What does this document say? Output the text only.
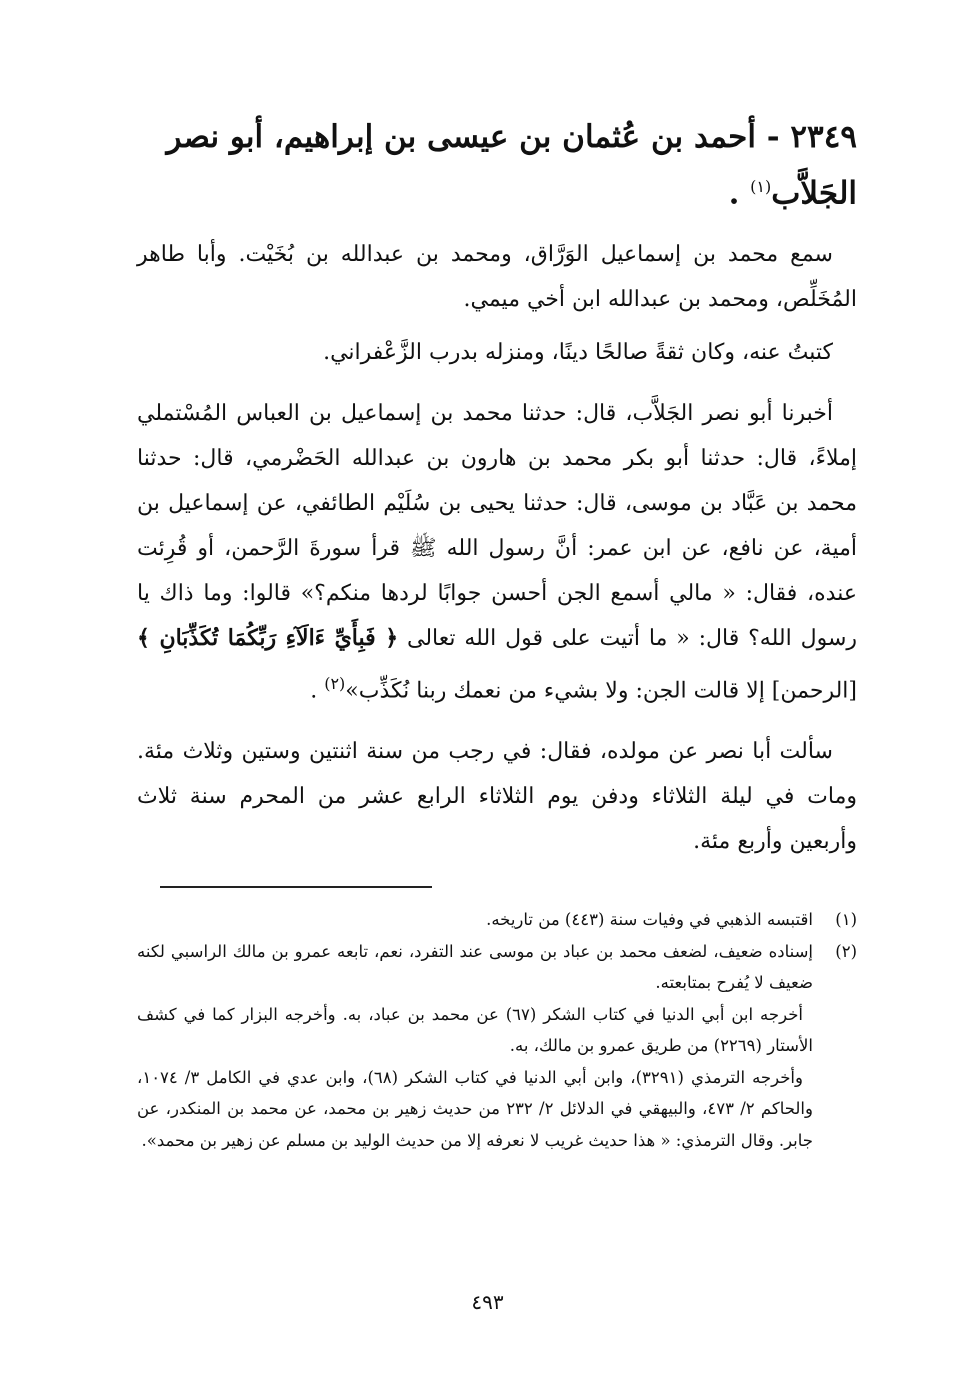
٢٣٤٩ - أحمد بن عُثمان بن عيسى بن إبراهيم، أبو نصر
الجَلاَّب$^{(١)}$ .

سمع محمد بن إسماعيل الوَرَّاق، ومحمد بن عبدالله بن بُخَيْت. وأبا طاهر المُخَلِّص، ومحمد بن عبدالله ابن أخي ميمي.

كتبتُ عنه، وكان ثقةً صالحًا دينًا، ومنزله بدرب الزَّعْفراني.

أخبرنا أبو نصر الجَلاَّب، قال: حدثنا محمد بن إسماعيل بن العباس المُسْتملي إملاءً، قال: حدثنا أبو بكر محمد بن هارون بن عبدالله الحَضْرمي، قال: حدثنا محمد بن عَبَّاد بن موسى، قال: حدثنا يحيى بن سُلَيْم الطائفي، عن إسماعيل بن أمية، عن نافع، عن ابن عمر: أنَّ رسول الله ﷺ قرأ سورةَ الرَّحمن، أو قُرِئت عنده، فقال: « مالي أسمع الجن أحسن جوابًا لردها منكم؟» قالوا: وما ذاك يا رسول الله؟ قال: « ما أتيت على قول الله تعالى ﴿ فَبِأَيِّ ءَالَآءِ رَبِّكُمَا تُكَذِّبَانِ ﴾ [الرحمن] إلا قالت الجن: ولا بشيء من نعمك ربنا نُكَذِّب»$^{(٢)}$ .

سألت أبا نصر عن مولده، فقال: في رجب من سنة اثنتين وستين وثلاث مئة. ومات في ليلة الثلاثاء ودفن يوم الثلاثاء الرابع عشر من المحرم سنة ثلاث وأربعين وأربع مئة.

(١)
اقتبسه الذهبي في وفيات سنة (٤٤٣) من تاريخه.
(٢)
إسناده ضعيف، لضعف محمد بن عباد بن موسى عند التفرد، نعم، تابعه عمرو بن مالك الراسبي لكنه ضعيف لا يُفرح بمتابعته.

أخرجه ابن أبي الدنيا في كتاب الشكر (٦٧) عن محمد بن عباد، به. وأخرجه البزار كما في كشف الأستار (٢٢٦٩) من طريق عمرو بن مالك، به.

وأخرجه الترمذي (٣٢٩١)، وابن أبي الدنيا في كتاب الشكر (٦٨)، وابن عدي في الكامل ٣/ ١٠٧٤، والحاكم ٢/ ٤٧٣، والبيهقي في الدلائل ٢/ ٢٣٢ من حديث زهير بن محمد، عن محمد بن المنكدر، عن جابر. وقال الترمذي: « هذا حديث غريب لا نعرفه إلا من حديث الوليد بن مسلم عن زهير بن محمد».

٤٩٣
